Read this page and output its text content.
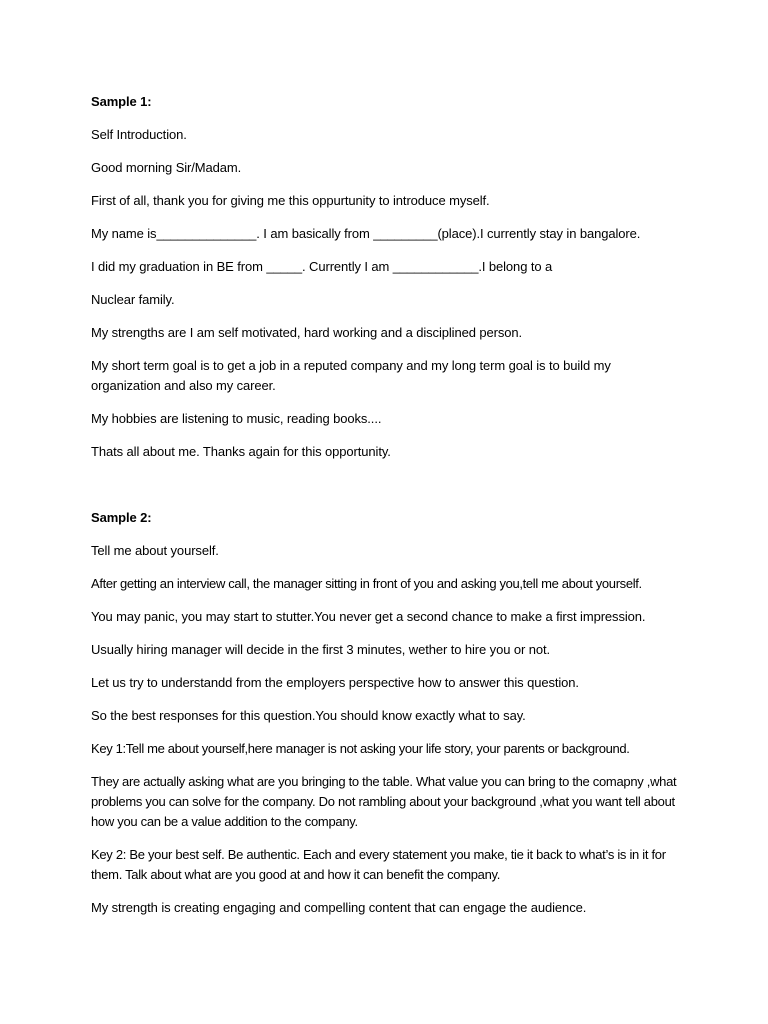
Sample 1:
Self Introduction.
Good morning Sir/Madam.
First of all, thank you for giving me this oppurtunity to introduce myself.
My name is______________. I am basically from _________(place).I currently stay in bangalore.
I did my graduation in BE from _____. Currently I am ____________.I belong to a
Nuclear family.
My strengths are I am self motivated, hard working and a disciplined person.
My short term goal is to get a job in a reputed company and my long term goal is to build my organization and also my career.
My hobbies are listening to music, reading books....
Thats all about me. Thanks again for this opportunity.
Sample 2:
Tell me about yourself.
After getting an interview call, the manager sitting in front of you and asking you,tell me about yourself.
You may panic, you may start to stutter.You never get a second chance to make a first impression.
Usually hiring manager will decide in the first 3 minutes, wether to hire you or not.
Let us try to understandd from the employers perspective how to answer this question.
So the best responses for this question.You should know exactly what to say.
Key 1:Tell me about yourself,here manager is not asking your life story, your parents or background.
They are actually asking what are you bringing to the table. What value you can bring to the comapny ,what problems you can solve for the company. Do not rambling about your background ,what you want tell about how you can be a value addition to the company.
Key 2: Be your best self. Be authentic. Each and every statement you make, tie it back to what’s is in it for them. Talk about what are you good at and how it can benefit the company.
My strength is creating engaging and compelling content that can engage the audience.
